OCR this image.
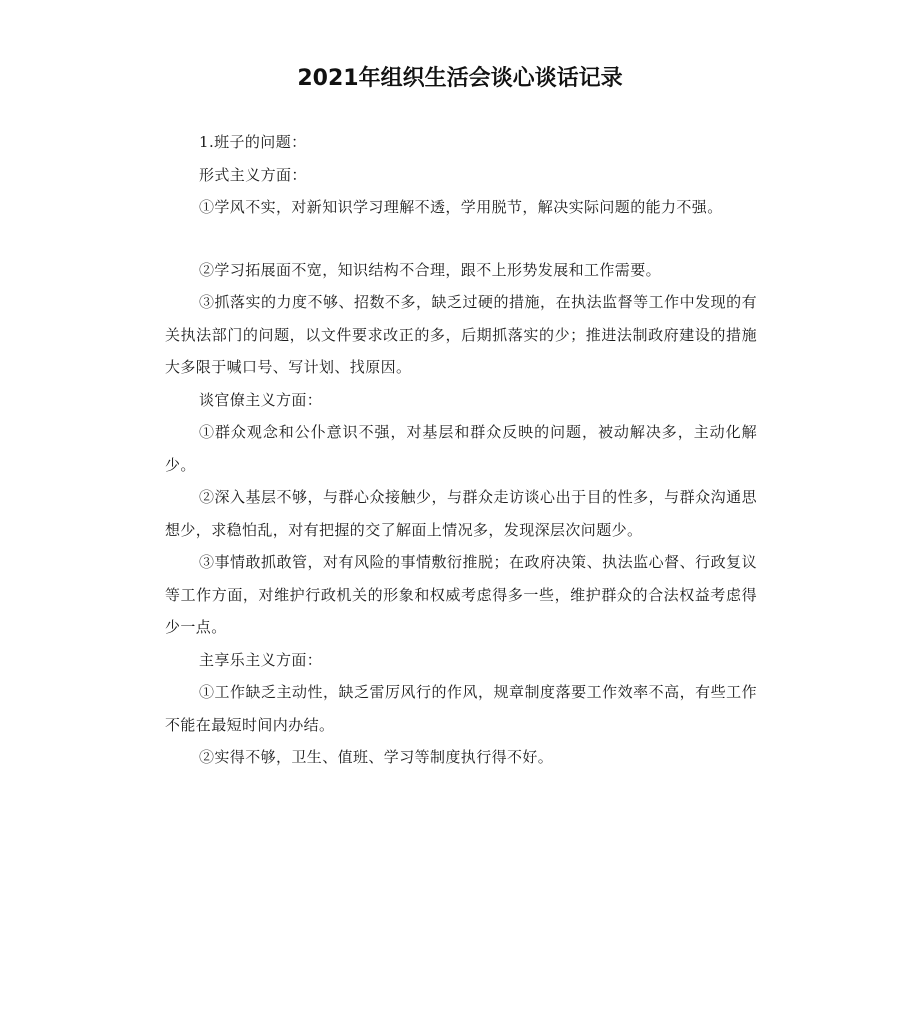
2021年组织生活会谈心谈话记录

1.班子的问题：

形式主义方面：

①学风不实，对新知识学习理解不透，学用脱节，解决实际问题的能力不强。

②学习拓展面不宽，知识结构不合理，跟不上形势发展和工作需要。

③抓落实的力度不够、招数不多，缺乏过硬的措施，在执法监督等工作中发现的有关执法部门的问题，以文件要求改正的多，后期抓落实的少；推进法制政府建设的措施大多限于喊口号、写计划、找原因。

谈官僚主义方面：

①群众观念和公仆意识不强，对基层和群众反映的问题，被动解决多，主动化解少。

②深入基层不够，与群心众接触少，与群众走访谈心出于目的性多，与群众沟通思想少，求稳怕乱，对有把握的交了解面上情况多，发现深层次问题少。

③事情敢抓敢管，对有风险的事情敷衍推脱；在政府决策、执法监心督、行政复议等工作方面，对维护行政机关的形象和权威考虑得多一些，维护群众的合法权益考虑得少一点。

主享乐主义方面：

①工作缺乏主动性，缺乏雷厉风行的作风，规章制度落要工作效率不高，有些工作不能在最短时间内办结。

②实得不够，卫生、值班、学习等制度执行得不好。
